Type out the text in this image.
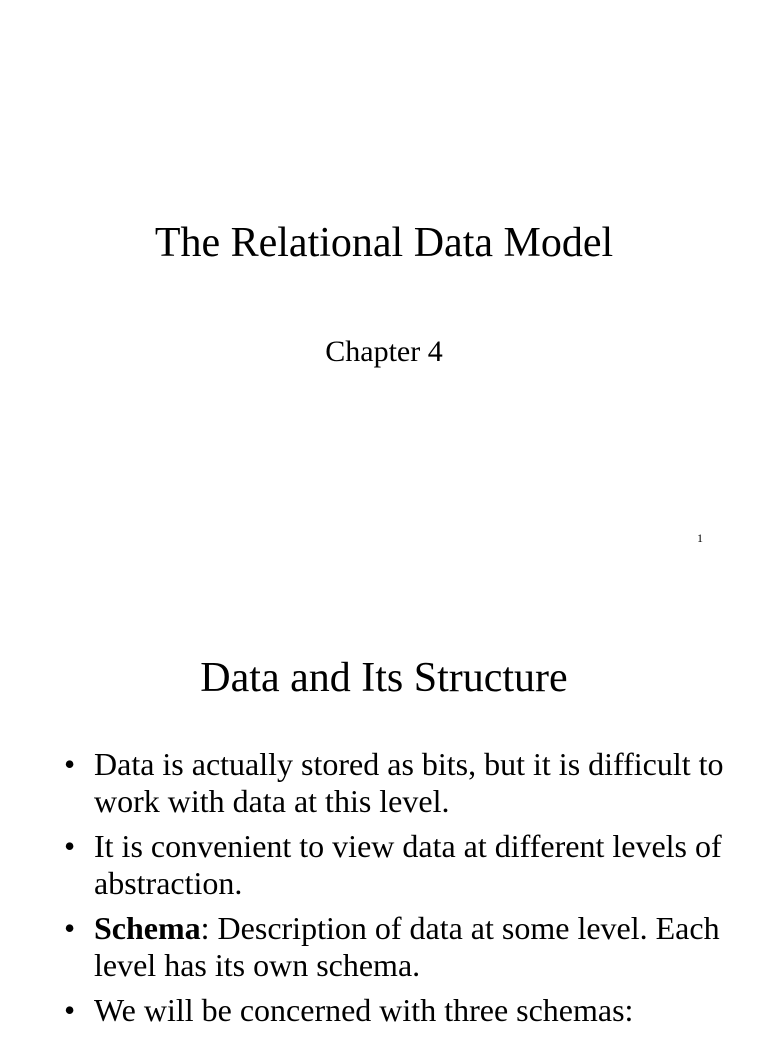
The Relational Data Model
Chapter 4
1
Data and Its Structure
• Data is actually stored as bits, but it is difficult to work with data at this level.
• It is convenient to view data at different levels of abstraction.
• Schema: Description of data at some level. Each level has its own schema.
• We will be concerned with three schemas:
